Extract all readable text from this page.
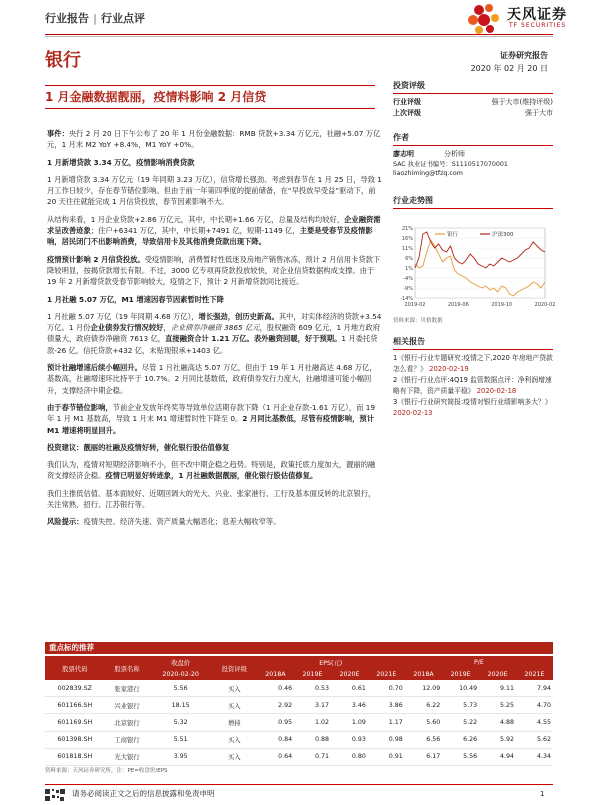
行业报告 | 行业点评	天风证券
TF SECURITIES
银行	证券研究报告
2020 年 02 月 20 日
1 月金融数据靓丽，疫情料影响 2 月信贷

事件：央行 2 月 20 日下午公布了 20 年 1 月份金融数据：RMB 贷款+3.34 万亿元，社融+5.07 万亿元，1 月末 M2 YoY +8.4%，M1 YoY +0%。

1 月新增贷款 3.34 万亿，疫情影响消费贷款

1 月新增贷款 3.34 万亿元（19 年同期 3.23 万亿），信贷增长强劲。考虑到春节在 1 月 25 日，导致 1 月工作日较少，存在春节错位影响。但由于前一年第四季度的提前储备，在“早投放早受益”驱动下，前 20 天往往就能完成 1 月信贷投放，春节因素影响不大。

从结构来看，1 月企业贷款+2.86 万亿元，其中，中长期+1.66 万亿，总量及结构均较好，企业融资需求呈改善迹象；住户+6341 万亿，其中，中长期+7491 亿，短期-1149 亿，主要是受春节及疫情影响，居民闭门不出影响消费，导致信用卡及其他消费贷款出现下降。

疫情预计影响 2 月信贷投放。受疫情影响，消费暂时性低迷及房地产销售冰冻，预计 2 月信用卡贷款下降较明显，按揭贷款增长有限。不过，3000 亿专项再贷款投放较快，对企业信贷数据构成支撑。由于 19 年 2 月新增贷款受春节影响较大，疫情之下，预计 2 月新增贷款同比接近。

1 月社融 5.07 万亿，M1 增速因春节因素暂时性下降

1 月社融 5.07 万亿（19 年同期 4.68 万亿），增长强劲，创历史新高。其中，对实体经济的贷款+3.54 万亿。1 月份企业债券发行情况较好，企业债券净融资 3865 亿元，股权融资 609 亿元，1 月地方政府债量大，政府债券净融资 7613 亿，直接融资合计 1.21 万亿。表外融资回暖，好于预期。1 月委托贷款-26 亿，信托贷款+432 亿，未贴现银承+1403 亿。

预计社融增速后续小幅回升。尽管 1 月社融高达 5.07 万亿，但由于 19 年 1 月社融高达 4.68 万亿，基数高，社融增速环比持平于 10.7%。2 月同比基数低，政府债券发行力度大，社融增速可能小幅回升，支撑经济中期企稳。

由于春节错位影响，节前企业发放年终奖等导致单位活期存款下降（1 月企业存款-1.61 万亿），而 19 年 1 月 M1 基数高，导致 1 月末 M1 增速暂时性下降至 0。2 月同比基数低，尽管有疫情影响，预计 M1 增速将明显回升。

投资建议：靓丽的社融及疫情好转，催化银行股估值修复

我们认为，疫情对短期经济影响不小，但不改中期企稳之趋势。特别是，政策托底力度加大，靓丽的融资支撑经济企稳。疫情已明显好转迹象，1 月社融数据靓丽，催化银行股估值修复。

我们主推低估值、基本面较好、近期回调大的光大、兴业、张家港行、工行及基本面反转的北京银行，关注常熟、招行、江苏银行等。

风险提示：疫情失控、经济失速、资产质量大幅恶化；息差大幅收窄等。

投资评级
行业评级	强于大市(维持评级)
上次评级	强于大市
作者
廖志明	分析师
SAC 执业证书编号：S1110517070001
liaozhiming@tfzq.com
行业走势图
21%
16%
11%
6%
1%
-4%
-9%
-14%
2019-02	2019-06	2019-10	2020-02
银行	沪深300
资料来源：贝格数据
相关报告

1《银行-行业专题研究:疫情之下,2020 年房地产贷款怎么看？》 2020-02-19

2《银行-行业点评:4Q19 监管数据点评：净利润增速略有下降，资产质量平稳》 2020-02-18

3《银行-行业研究简报:疫情对银行业绩影响多大？》 2020-02-13

重点标的推荐
股票代码	股票名称	收盘价	投资评级	EPS(元)				P/E			
		2020-02-20		2018A	2019E	2020E	2021E	2018A	2019E	2020E	2021E
002839.SZ	张家港行	5.56	买入	0.46	0.53	0.61	0.70	12.09	10.49	9.11	7.94
601166.SH	兴业银行	18.15	买入	2.92	3.17	3.46	3.86	6.22	5.73	5.25	4.70
601169.SH	北京银行	5.32	增持	0.95	1.02	1.09	1.17	5.60	5.22	4.88	4.55
601398.SH	工商银行	5.51	买入	0.84	0.88	0.93	0.98	6.56	6.26	5.92	5.62
601818.SH	光大银行	3.95	买入	0.64	0.71	0.80	0.91	6.17	5.56	4.94	4.34
资料来源：天风证券研究所，注：PE=收盘价/EPS
请务必阅读正文之后的信息披露和免责申明	1
